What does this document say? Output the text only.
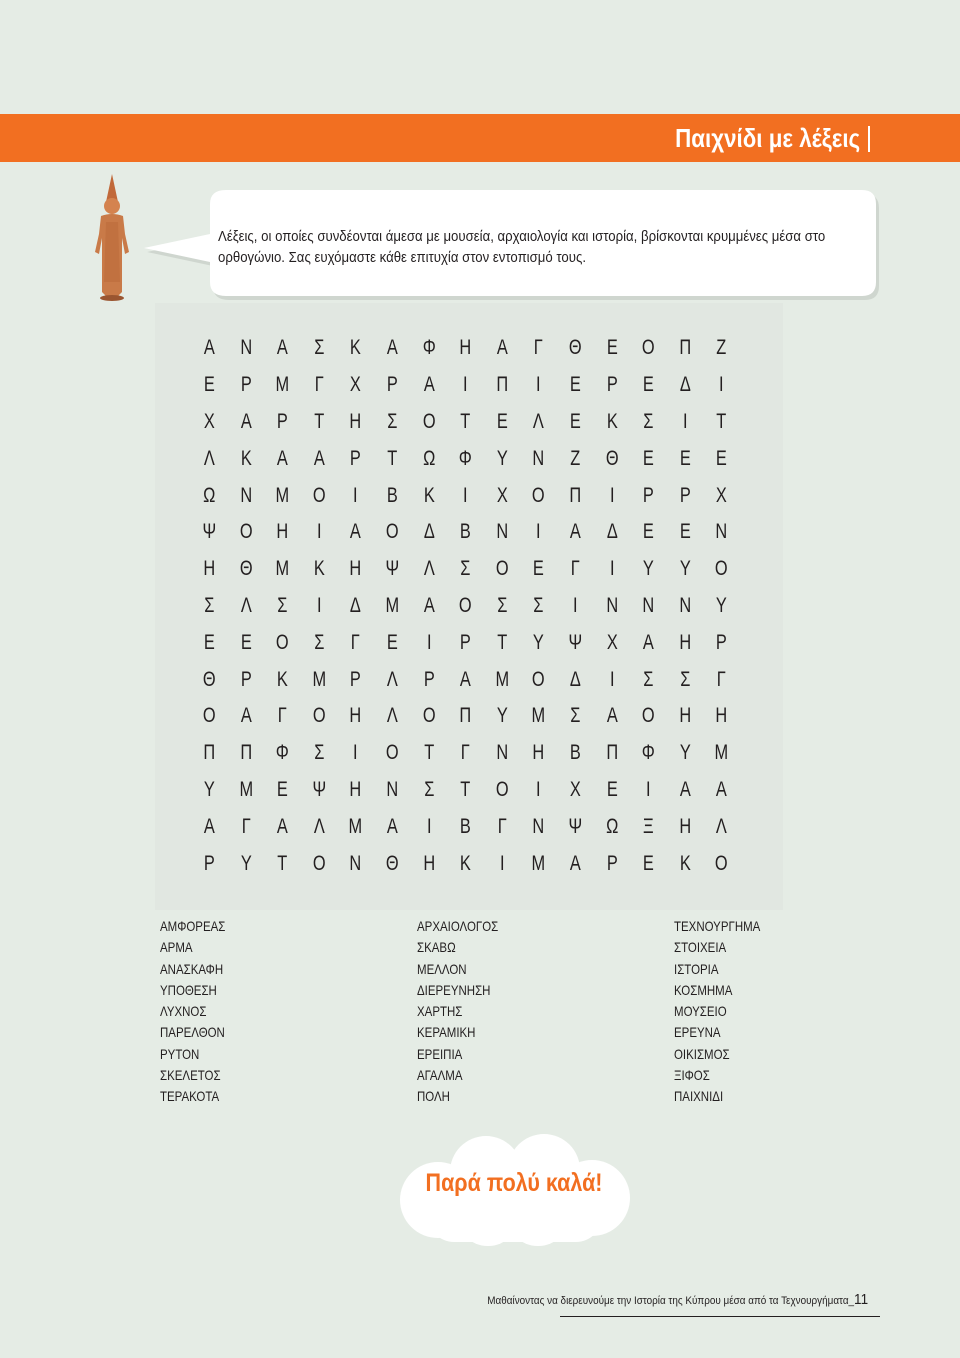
Παιχνίδι με λέξεις
Λέξεις, οι οποίες συνδέονται άμεσα με μουσεία, αρχαιολογία και ιστορία, βρίσκονται κρυμμένες μέσα στο ορθογώνιο. Σας ευχόμαστε κάθε επιτυχία στον εντοπισμό τους.
Α	Ν	Α	Σ	Κ	Α	Φ	Η	Α	Γ	Θ	Ε	Ο	Π	Ζ
Ε	Ρ	Μ	Γ	Χ	Ρ	Α	Ι	Π	Ι	Ε	Ρ	Ε	Δ	Ι
Χ	Α	Ρ	Τ	Η	Σ	Ο	Τ	Ε	Λ	Ε	Κ	Σ	Ι	Τ
Λ	Κ	Α	Α	Ρ	Τ	Ω	Φ	Υ	Ν	Ζ	Θ	Ε	Ε	Ε
Ω	Ν	Μ	Ο	Ι	Β	Κ	Ι	Χ	Ο	Π	Ι	Ρ	Ρ	Χ
Ψ	Ο	Η	Ι	Α	Ο	Δ	Β	Ν	Ι	Α	Δ	Ε	Ε	Ν
Η	Θ	Μ	Κ	Η	Ψ	Λ	Σ	Ο	Ε	Γ	Ι	Υ	Υ	Ο
Σ	Λ	Σ	Ι	Δ	Μ	Α	Ο	Σ	Σ	Ι	Ν	Ν	Ν	Υ
Ε	Ε	Ο	Σ	Γ	Ε	Ι	Ρ	Τ	Υ	Ψ	Χ	Α	Η	Ρ
Θ	Ρ	Κ	Μ	Ρ	Λ	Ρ	Α	Μ	Ο	Δ	Ι	Σ	Σ	Γ
Ο	Α	Γ	Ο	Η	Λ	Ο	Π	Υ	Μ	Σ	Α	Ο	Η	Η
Π	Π	Φ	Σ	Ι	Ο	Τ	Γ	Ν	Η	Β	Π	Φ	Υ	Μ
Υ	Μ	Ε	Ψ	Η	Ν	Σ	Τ	Ο	Ι	Χ	Ε	Ι	Α	Α
Α	Γ	Α	Λ	Μ	Α	Ι	Β	Γ	Ν	Ψ	Ω	Ξ	Η	Λ
Ρ	Υ	Τ	Ο	Ν	Θ	Η	Κ	Ι	Μ	Α	Ρ	Ε	Κ	Ο
ΑΜΦΟΡΕΑΣ
ΑΡΜΑ
ΑΝΑΣΚΑΦΗ
ΥΠΟΘΕΣΗ
ΛΥΧΝΟΣ
ΠΑΡΕΛΘΟΝ
ΡΥΤΟΝ
ΣΚΕΛΕΤΟΣ
ΤΕΡΑΚΟΤΑ
ΑΡΧΑΙΟΛΟΓΟΣ
ΣΚΑΒΩ
ΜΕΛΛΟΝ
ΔΙΕΡΕΥΝΗΣΗ
ΧΑΡΤΗΣ
ΚΕΡΑΜΙΚΗ
ΕΡΕΙΠΙΑ
ΑΓΑΛΜΑ
ΠΟΛΗ
ΤΕΧΝΟΥΡΓΗΜΑ
ΣΤΟΙΧΕΙΑ
ΙΣΤΟΡΙΑ
ΚΟΣΜΗΜΑ
ΜΟΥΣΕΙΟ
ΕΡΕΥΝΑ
ΟΙΚΙΣΜΟΣ
ΞΙΦΟΣ
ΠΑΙΧΝΙΔΙ
Παρά πολύ καλά!
Μαθαίνοντας να διερευνούμε την Ιστορία της Κύπρου μέσα από τα Τεχνουργήματα_11
